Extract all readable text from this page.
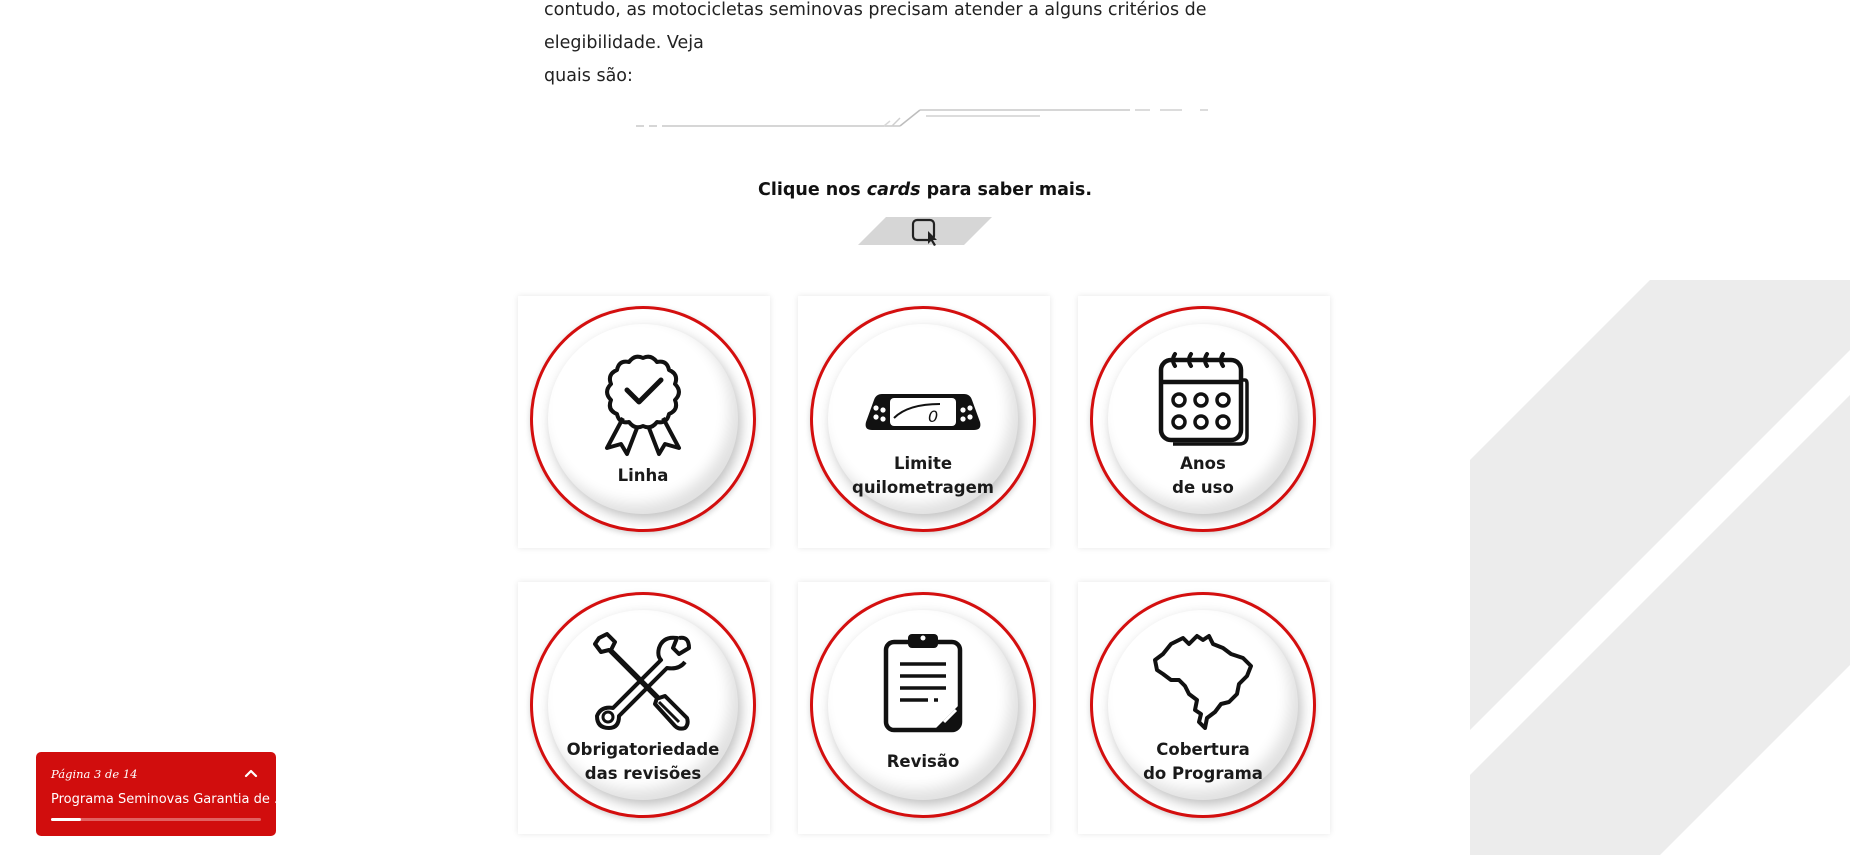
contudo, as motocicletas seminovas precisam atender a alguns critérios de elegibilidade. Veja
quais são:

Clique nos cards para saber mais.
Linha
0
Limite
quilometragem
Anos
de uso
Obrigatoriedade
das revisões
Revisão
Cobertura
do Programa
Página 3 de 14
Programa Seminovas Garantia de ...
